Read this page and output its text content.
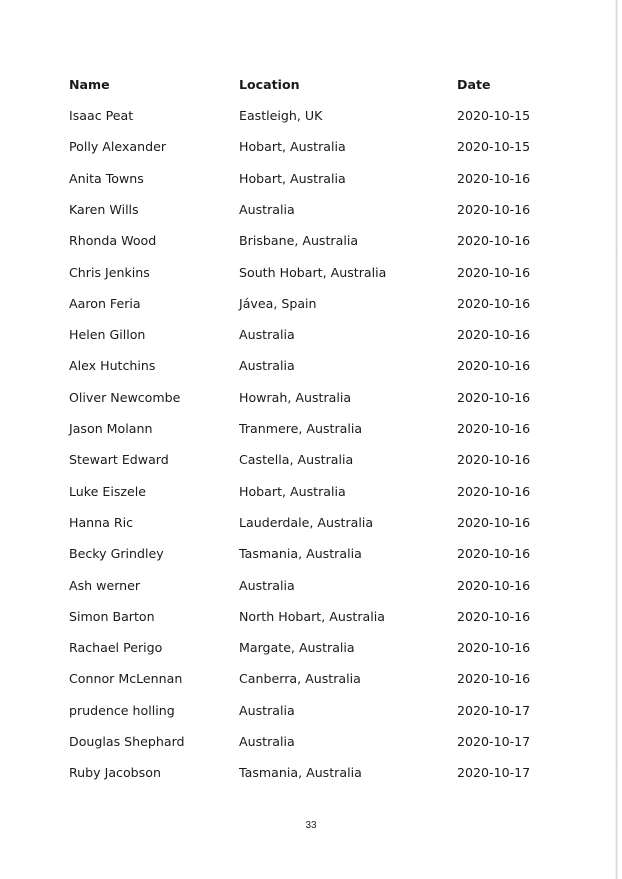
Name	Location	Date
Isaac Peat	Eastleigh, UK	2020-10-15
Polly Alexander	Hobart, Australia	2020-10-15
Anita Towns	Hobart, Australia	2020-10-16
Karen Wills	Australia	2020-10-16
Rhonda Wood	Brisbane, Australia	2020-10-16
Chris Jenkins	South Hobart, Australia	2020-10-16
Aaron Feria	Jávea, Spain	2020-10-16
Helen Gillon	Australia	2020-10-16
Alex Hutchins	Australia	2020-10-16
Oliver Newcombe	Howrah, Australia	2020-10-16
Jason Molann	Tranmere, Australia	2020-10-16
Stewart Edward	Castella, Australia	2020-10-16
Luke Eiszele	Hobart, Australia	2020-10-16
Hanna Ric	Lauderdale, Australia	2020-10-16
Becky Grindley	Tasmania, Australia	2020-10-16
Ash werner	Australia	2020-10-16
Simon Barton	North Hobart, Australia	2020-10-16
Rachael Perigo	Margate, Australia	2020-10-16
Connor McLennan	Canberra, Australia	2020-10-16
prudence holling	Australia	2020-10-17
Douglas Shephard	Australia	2020-10-17
Ruby Jacobson	Tasmania, Australia	2020-10-17
33
